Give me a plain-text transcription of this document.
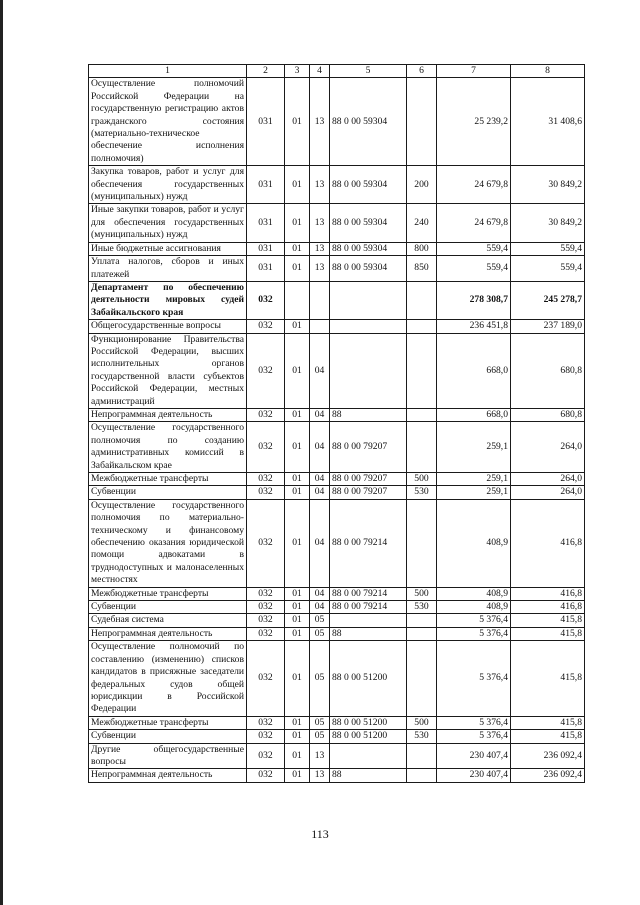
1	2	3	4	5	6	7	8
Осуществление полномочий Российской Федерации на государственную регистрацию актов гражданского состояния (материально-техническое обеспечение исполнения полномочия)	031	01	13	88 0 00 59304		25 239,2	31 408,6
Закупка товаров, работ и услуг для обеспечения государственных (муниципальных) нужд	031	01	13	88 0 00 59304	200	24 679,8	30 849,2
Иные закупки товаров, работ и услуг для обеспечения государственных (муниципальных) нужд	031	01	13	88 0 00 59304	240	24 679,8	30 849,2
Иные бюджетные ассигнования	031	01	13	88 0 00 59304	800	559,4	559,4
Уплата налогов, сборов и иных платежей	031	01	13	88 0 00 59304	850	559,4	559,4
Департамент по обеспечению деятельности мировых судей Забайкальского края	032					278 308,7	245 278,7
Общегосударственные вопросы	032	01				236 451,8	237 189,0
Функционирование Правительства Российской Федерации, высших исполнительных органов государственной власти субъектов Российской Федерации, местных администраций	032	01	04			668,0	680,8
Непрограммная деятельность	032	01	04	88		668,0	680,8
Осуществление государственного полномочия по созданию административных комиссий в Забайкальском крае	032	01	04	88 0 00 79207		259,1	264,0
Межбюджетные трансферты	032	01	04	88 0 00 79207	500	259,1	264,0
Субвенции	032	01	04	88 0 00 79207	530	259,1	264,0
Осуществление государственного полномочия по материально-техническому и финансовому обеспечению оказания юридической помощи адвокатами в труднодоступных и малонаселенных местностях	032	01	04	88 0 00 79214		408,9	416,8
Межбюджетные трансферты	032	01	04	88 0 00 79214	500	408,9	416,8
Субвенции	032	01	04	88 0 00 79214	530	408,9	416,8
Судебная система	032	01	05			5 376,4	415,8
Непрограммная деятельность	032	01	05	88		5 376,4	415,8
Осуществление полномочий по составлению (изменению) списков кандидатов в присяжные заседатели федеральных судов общей юрисдикции в Российской Федерации	032	01	05	88 0 00 51200		5 376,4	415,8
Межбюджетные трансферты	032	01	05	88 0 00 51200	500	5 376,4	415,8
Субвенции	032	01	05	88 0 00 51200	530	5 376,4	415,8
Другие общегосударственные вопросы	032	01	13			230 407,4	236 092,4
Непрограммная деятельность	032	01	13	88		230 407,4	236 092,4
113
